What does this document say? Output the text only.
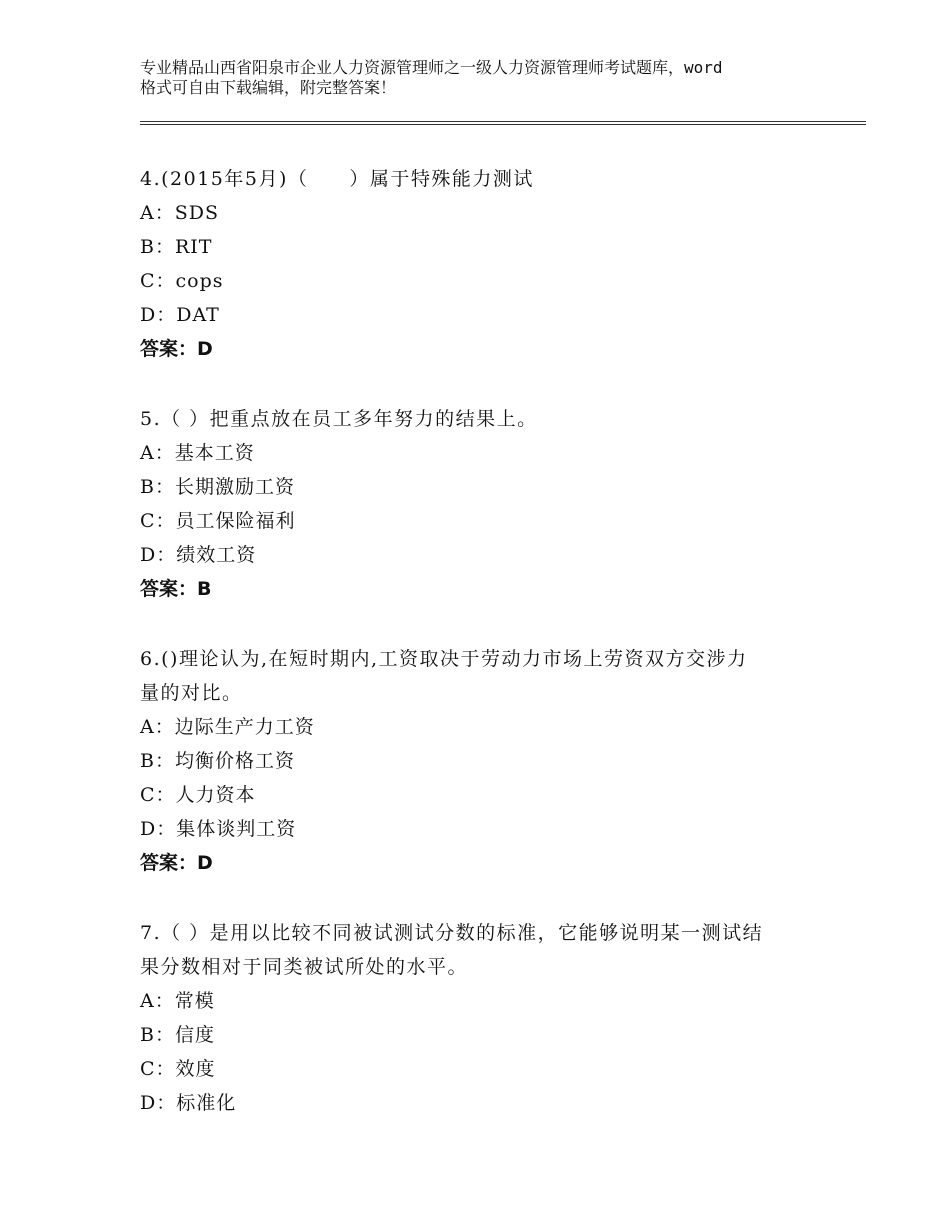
专业精品山西省阳泉市企业人力资源管理师之一级人力资源管理师考试题库，word
格式可自由下载编辑，附完整答案！
4.(2015年5月)（　　）属于特殊能力测试
A：SDS
B：RIT
C：cops
D：DAT
答案：D
5.（ ）把重点放在员工多年努力的结果上。
A：基本工资
B：长期激励工资
C：员工保险福利
D：绩效工资
答案：B
6.()理论认为,在短时期内,工资取决于劳动力市场上劳资双方交涉力
量的对比。
A：边际生产力工资
B：均衡价格工资
C：人力资本
D：集体谈判工资
答案：D
7.（ ）是用以比较不同被试测试分数的标准，它能够说明某一测试结
果分数相对于同类被试所处的水平。
A：常模
B：信度
C：效度
D：标准化
